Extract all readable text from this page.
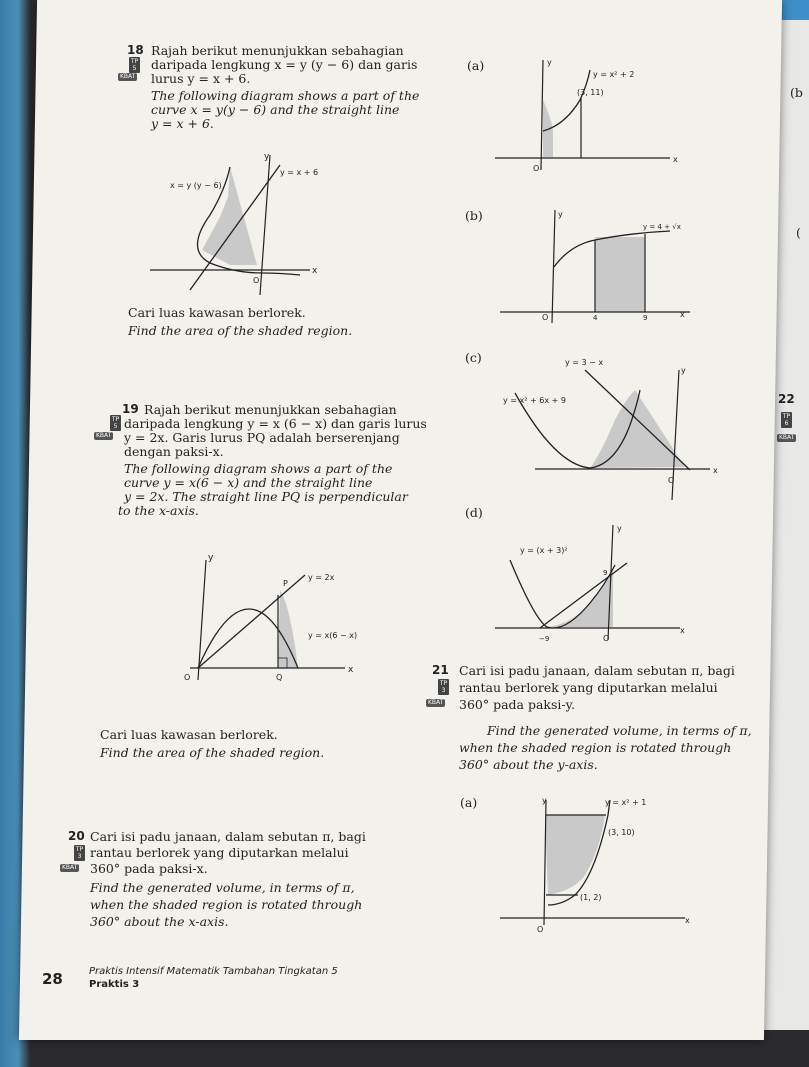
22
TP 6
KBAT
(b
(
18 Rajah berikut menunjukkan sebahagian
daripada lengkung x = y (y − 6) dan garis
lurus y = x + 6.
TP 5
KBAT
The following diagram shows a part of the
curve x = y(y − 6) and the straight line
y = x + 6.
y
x
O
x = y (y − 6)
y = x + 6
Cari luas kawasan berlorek.
Find the area of the shaded region.
19 Rajah berikut menunjukkan sebahagian
daripada lengkung y = x (6 − x) dan garis lurus
y = 2x. Garis lurus PQ adalah berserenjang
dengan paksi-x.
TP 5
KBAT
The following diagram shows a part of the
curve y = x(6 − x) and the straight line
y = 2x. The straight line PQ is perpendicular
to the x-axis.
y
x
O
P
Q
y = 2x
y = x(6 − x)
Cari luas kawasan berlorek.
Find the area of the shaded region.
20 Cari isi padu janaan, dalam sebutan π, bagi
rantau berlorek yang diputarkan melalui
360° pada paksi-x.
TP 3
KBAT
Find the generated volume, in terms of π,
when the shaded region is rotated through
360° about the x-axis.
28	Praktis Intensif Matematik Tambahan Tingkatan 5
Praktis 3
(a)	y
x
O
y = x² + 2
(3, 11)
(b)	y
x
O
y = 4 + √x
4	9
(c)
y
x
O
y = x² + 6x + 9
y = 3 − x
(d)
y
x
O
y = (x + 3)²
9
−9
21 Cari isi padu janaan, dalam sebutan π, bagi
rantau berlorek yang diputarkan melalui
360° pada paksi-y.
TP 3
KBAT
Find the generated volume, in terms of π,
when the shaded region is rotated through
360° about the y-axis.
(a)	y
x
O
y = x² + 1
(3, 10)
(1, 2)
